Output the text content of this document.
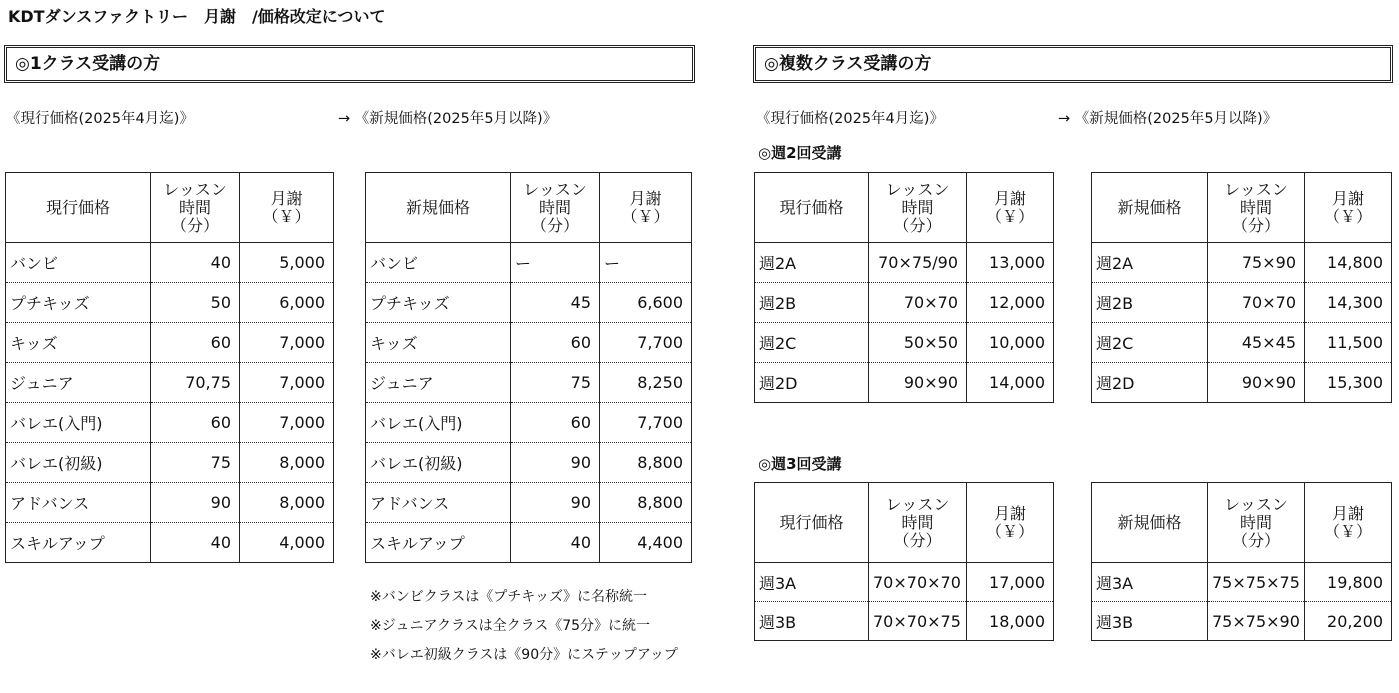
KDTダンスファクトリー　月謝　/価格改定について
◎1クラス受講の方
《現行価格(2025年4月迄)》	→ 《新規価格(2025年5月以降)》
◎複数クラス受講の方
《現行価格(2025年4月迄)》	→ 《新規価格(2025年5月以降)》
◎週2回受講
◎週3回受講
現行価格	レッスン
時間
（分）	月謝
（￥）
バンビ	40	5,000
プチキッズ	50	6,000
キッズ	60	7,000
ジュニア	70,75	7,000
バレエ(入門)	60	7,000
バレエ(初級)	75	8,000
アドバンス	90	8,000
スキルアップ	40	4,000
新規価格	レッスン
時間
（分）	月謝
（￥）
バンビ	ー	ー
プチキッズ	45	6,600
キッズ	60	7,700
ジュニア	75	8,250
バレエ(入門)	60	7,700
バレエ(初級)	90	8,800
アドバンス	90	8,800
スキルアップ	40	4,400
現行価格	レッスン
時間
（分）	月謝
（￥）
週2A	70×75/90	13,000
週2B	70×70	12,000
週2C	50×50	10,000
週2D	90×90	14,000
新規価格	レッスン
時間
（分）	月謝
（￥）
週2A	75×90	14,800
週2B	70×70	14,300
週2C	45×45	11,500
週2D	90×90	15,300
現行価格	レッスン
時間
（分）	月謝
（￥）
週3A	70×70×70	17,000
週3B	70×70×75	18,000
新規価格	レッスン
時間
（分）	月謝
（￥）
週3A	75×75×75	19,800
週3B	75×75×90	20,200
※バンビクラスは《プチキッズ》に名称統一
※ジュニアクラスは全クラス《75分》に統一
※バレエ初級クラスは《90分》にステップアップ
